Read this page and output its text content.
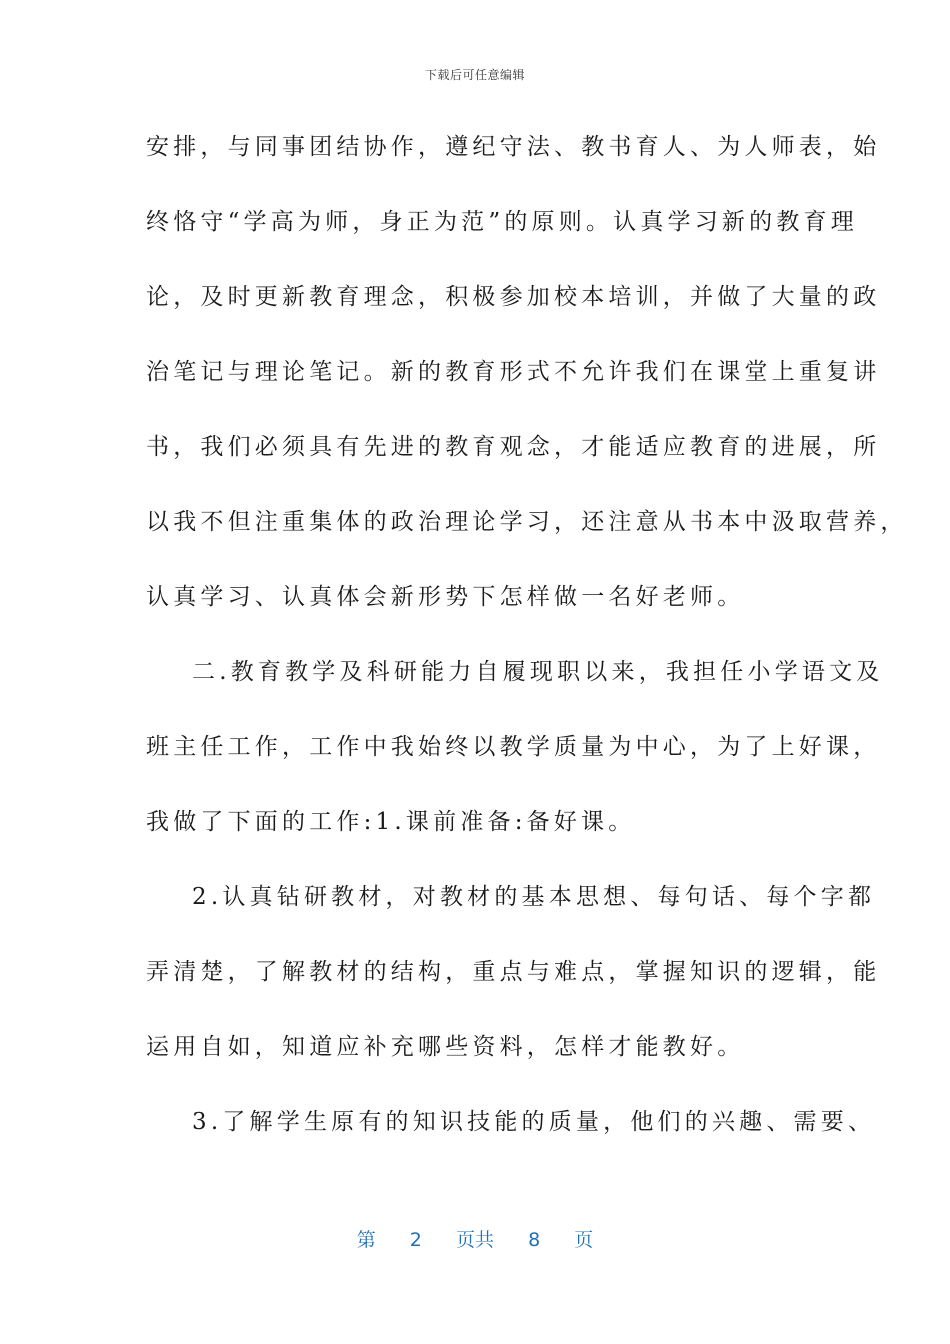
下载后可任意编辑
安排，与同事团结协作，遵纪守法、教书育人、为人师表，始
终恪守“学高为师，身正为范”的原则。认真学习新的教育理
论，及时更新教育理念，积极参加校本培训，并做了大量的政
治笔记与理论笔记。新的教育形式不允许我们在课堂上重复讲
书，我们必须具有先进的教育观念，才能适应教育的进展，所
以我不但注重集体的政治理论学习，还注意从书本中汲取营养，
认真学习、认真体会新形势下怎样做一名好老师。
二.教育教学及科研能力自履现职以来，我担任小学语文及
班主任工作，工作中我始终以教学质量为中心，为了上好课，
我做了下面的工作:1.课前准备:备好课。
2.认真钻研教材，对教材的基本思想、每句话、每个字都
弄清楚，了解教材的结构，重点与难点，掌握知识的逻辑，能
运用自如，知道应补充哪些资料，怎样才能教好。
3.了解学生原有的知识技能的质量，他们的兴趣、需要、
第 2 页共 8 页
